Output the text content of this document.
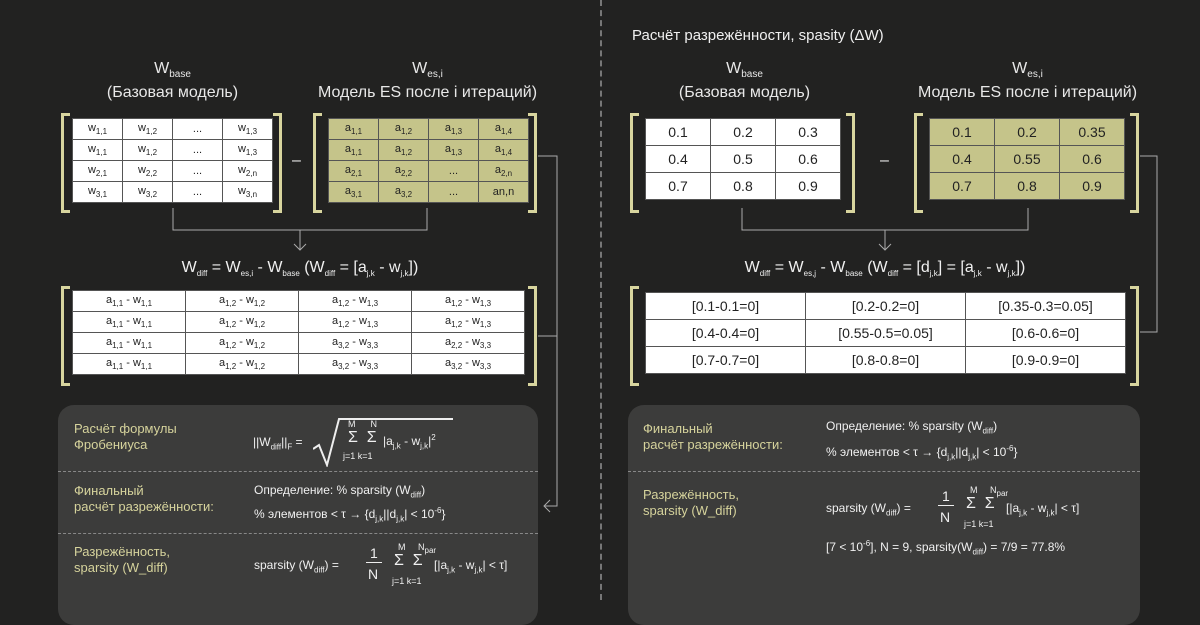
$W_{base}$
(Базовая модель)
$W_{es,i}$
Модель ES после i итераций)
$w_{1,1}$	$w_{1,2}$	...	$w_{1,3}$
$w_{1,1}$	$w_{1,2}$	...	$w_{1,3}$
$w_{2,1}$	$w_{2,2}$	...	$w_{2,n}$
$w_{3,1}$	$w_{3,2}$	...	$w_{3,n}$
–
$a_{1,1}$	$a_{1,2}$	$a_{1,3}$	$a_{1,4}$
$a_{1,1}$	$a_{1,2}$	$a_{1,3}$	$a_{1,4}$
$a_{2,1}$	$a_{2,2}$	...	$a_{2,n}$
$a_{3,1}$	$a_{3,2}$	...	an,n
$W_{diff} = W_{es,i} - W_{base}$ $(W_{diff} = [a_{j,k} - w_{j,k}])$
$a_{1,1} - w_{1,1}$	$a_{1,2} - w_{1,2}$	$a_{1,2} - w_{1,3}$	$a_{1,2} - w_{1,3}$
$a_{1,1} - w_{1,1}$	$a_{1,2} - w_{1,2}$	$a_{1,2} - w_{1,3}$	$a_{1,2} - w_{1,3}$
$a_{1,1} - w_{1,1}$	$a_{1,2} - w_{1,2}$	$a_{3,2} - w_{3,3}$	$a_{2,2} - w_{3,3}$
$a_{1,1} - w_{1,1}$	$a_{1,2} - w_{1,2}$	$a_{3,2} - w_{3,3}$	$a_{3,2} - w_{3,3}$
Расчёт формулы
Фробениуса	$||W_{diff}||_F$ =
M      N
Σ  Σ $|a_{j,k} - w_{j,k}|^2$
j=1 k=1
Финальный
расчёт разрежённости:
Определение: % sparsity $(W_{diff})$
% элементов < $\tau \to \{d_{j,k}||d_{j,k}| < 10^{-6}\}$
Разрежённость,
sparsity (W_diff)	sparsity $(W_{diff})$ =
1
N
M     $N_{par}$
Σ  Σ $[|a_{j,k} - w_{j,k}| < \tau]$
j=1 k=1
Расчёт разрежённости, spasity (ΔW)
$W_{base}$
(Базовая модель)
$W_{es,i}$
Модель ES после i итераций)
0.1	0.2	0.3
0.4	0.5	0.6
0.7	0.8	0.9
–
0.1	0.2	0.35
0.4	0.55	0.6
0.7	0.8	0.9
$W_{diff} = W_{es,j} - W_{base}$ $(W_{diff} = [d_{j,k}] = [a_{j,k} - w_{j,k}])$
[0.1-0.1=0]	[0.2-0.2=0]	[0.35-0.3=0.05]
[0.4-0.4=0]	[0.55-0.5=0.05]	[0.6-0.6=0]
[0.7-0.7=0]	[0.8-0.8=0]	[0.9-0.9=0]
Финальный
расчёт разрежённости:
Определение: % sparsity $(W_{diff})$
% элементов < $\tau \to \{d_{j,k}||d_{j,k}| < 10^{-6}\}$
Разрежённость,
sparsity (W_diff)	sparsity $(W_{diff})$ =
1
N
M     $N_{par}$
Σ  Σ $[|a_{j,k} - w_{j,k}| < \tau]$
j=1 k=1
$[7 < 10^{-6}]$, N = 9, $sparsity(W_{diff}) = 7/9 = 77.8\%$
